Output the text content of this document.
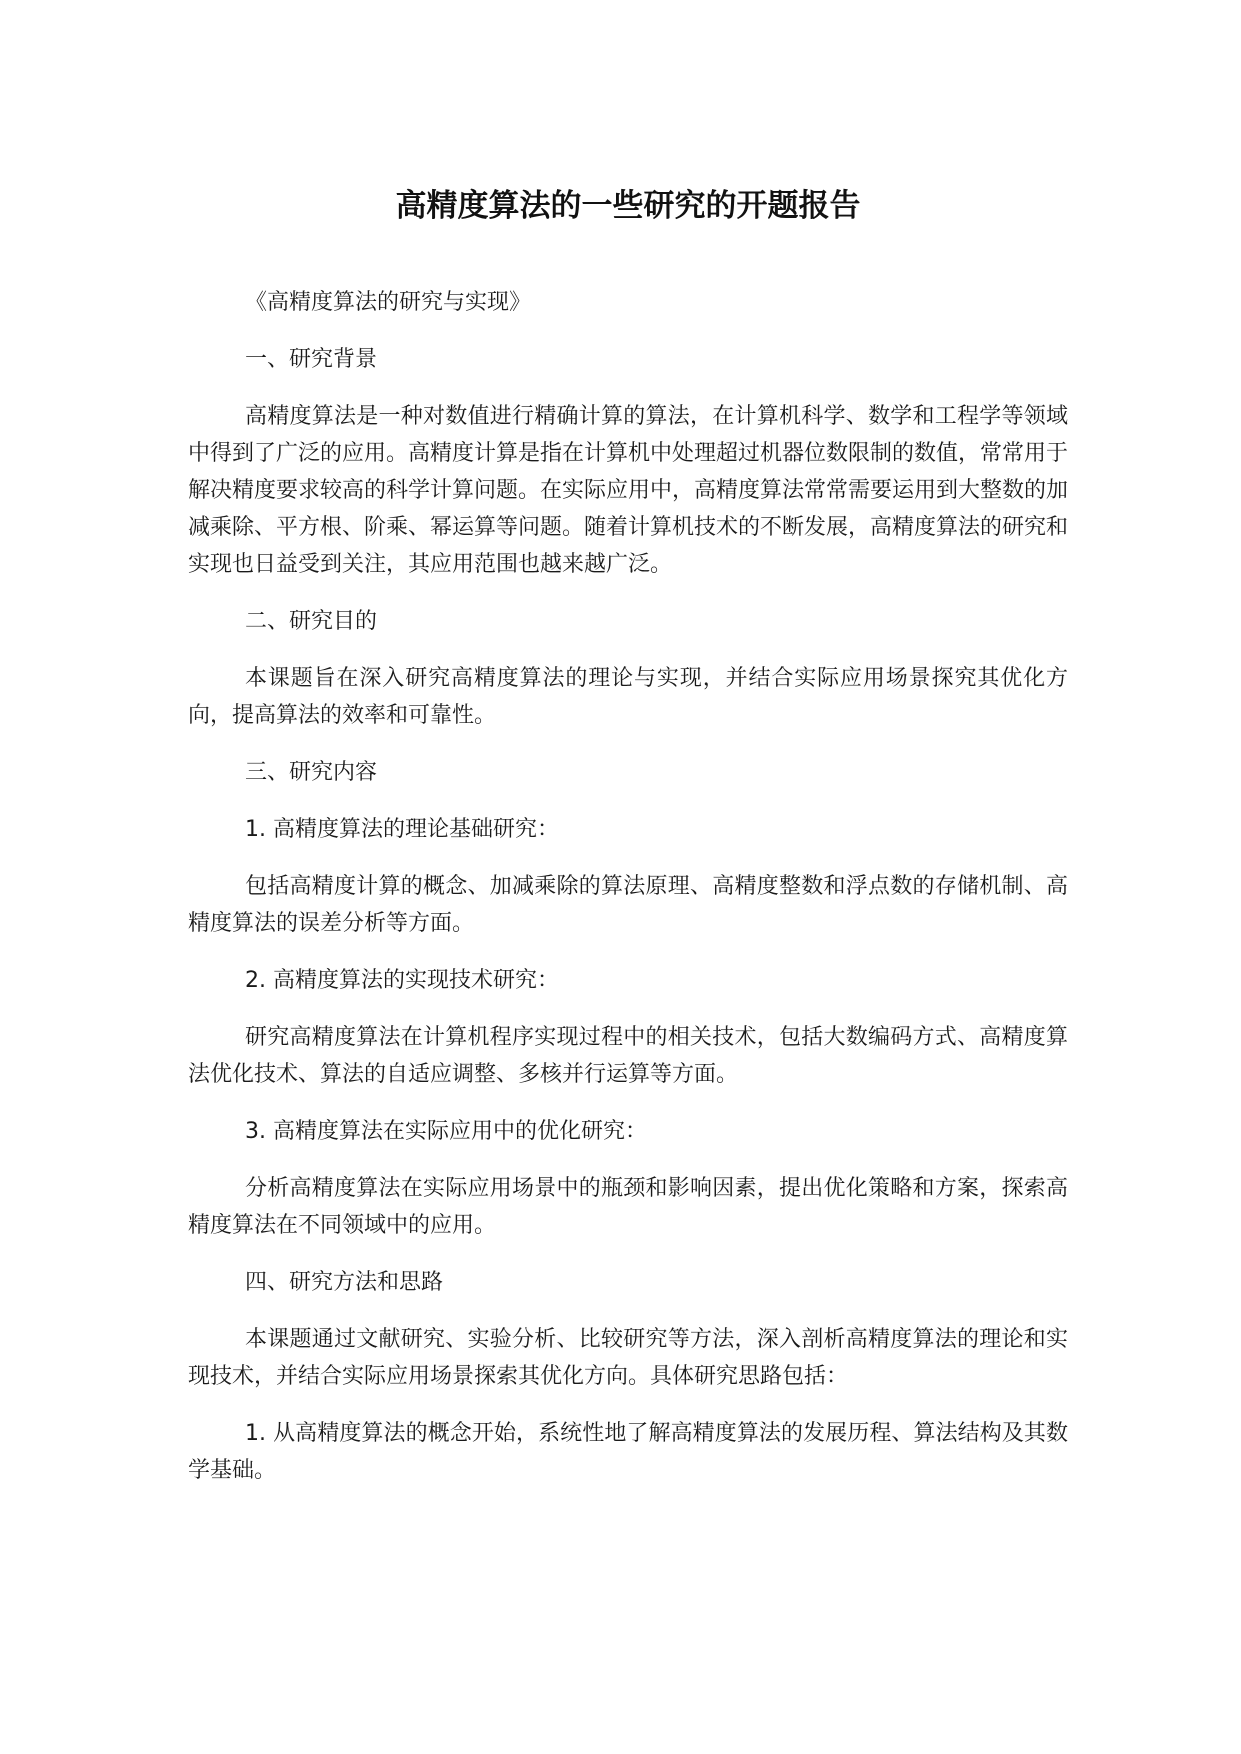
高精度算法的一些研究的开题报告

《高精度算法的研究与实现》

一、研究背景

高精度算法是一种对数值进行精确计算的算法，在计算机科学、数学和工程学等领域中得到了广泛的应用。高精度计算是指在计算机中处理超过机器位数限制的数值，常常用于解决精度要求较高的科学计算问题。在实际应用中，高精度算法常常需要运用到大整数的加减乘除、平方根、阶乘、幂运算等问题。随着计算机技术的不断发展，高精度算法的研究和实现也日益受到关注，其应用范围也越来越广泛。

二、研究目的

本课题旨在深入研究高精度算法的理论与实现，并结合实际应用场景探究其优化方向，提高算法的效率和可靠性。

三、研究内容

1. 高精度算法的理论基础研究：

包括高精度计算的概念、加减乘除的算法原理、高精度整数和浮点数的存储机制、高精度算法的误差分析等方面。

2. 高精度算法的实现技术研究：

研究高精度算法在计算机程序实现过程中的相关技术，包括大数编码方式、高精度算法优化技术、算法的自适应调整、多核并行运算等方面。

3. 高精度算法在实际应用中的优化研究：

分析高精度算法在实际应用场景中的瓶颈和影响因素，提出优化策略和方案，探索高精度算法在不同领域中的应用。

四、研究方法和思路

本课题通过文献研究、实验分析、比较研究等方法，深入剖析高精度算法的理论和实现技术，并结合实际应用场景探索其优化方向。具体研究思路包括：

1. 从高精度算法的概念开始，系统性地了解高精度算法的发展历程、算法结构及其数学基础。
